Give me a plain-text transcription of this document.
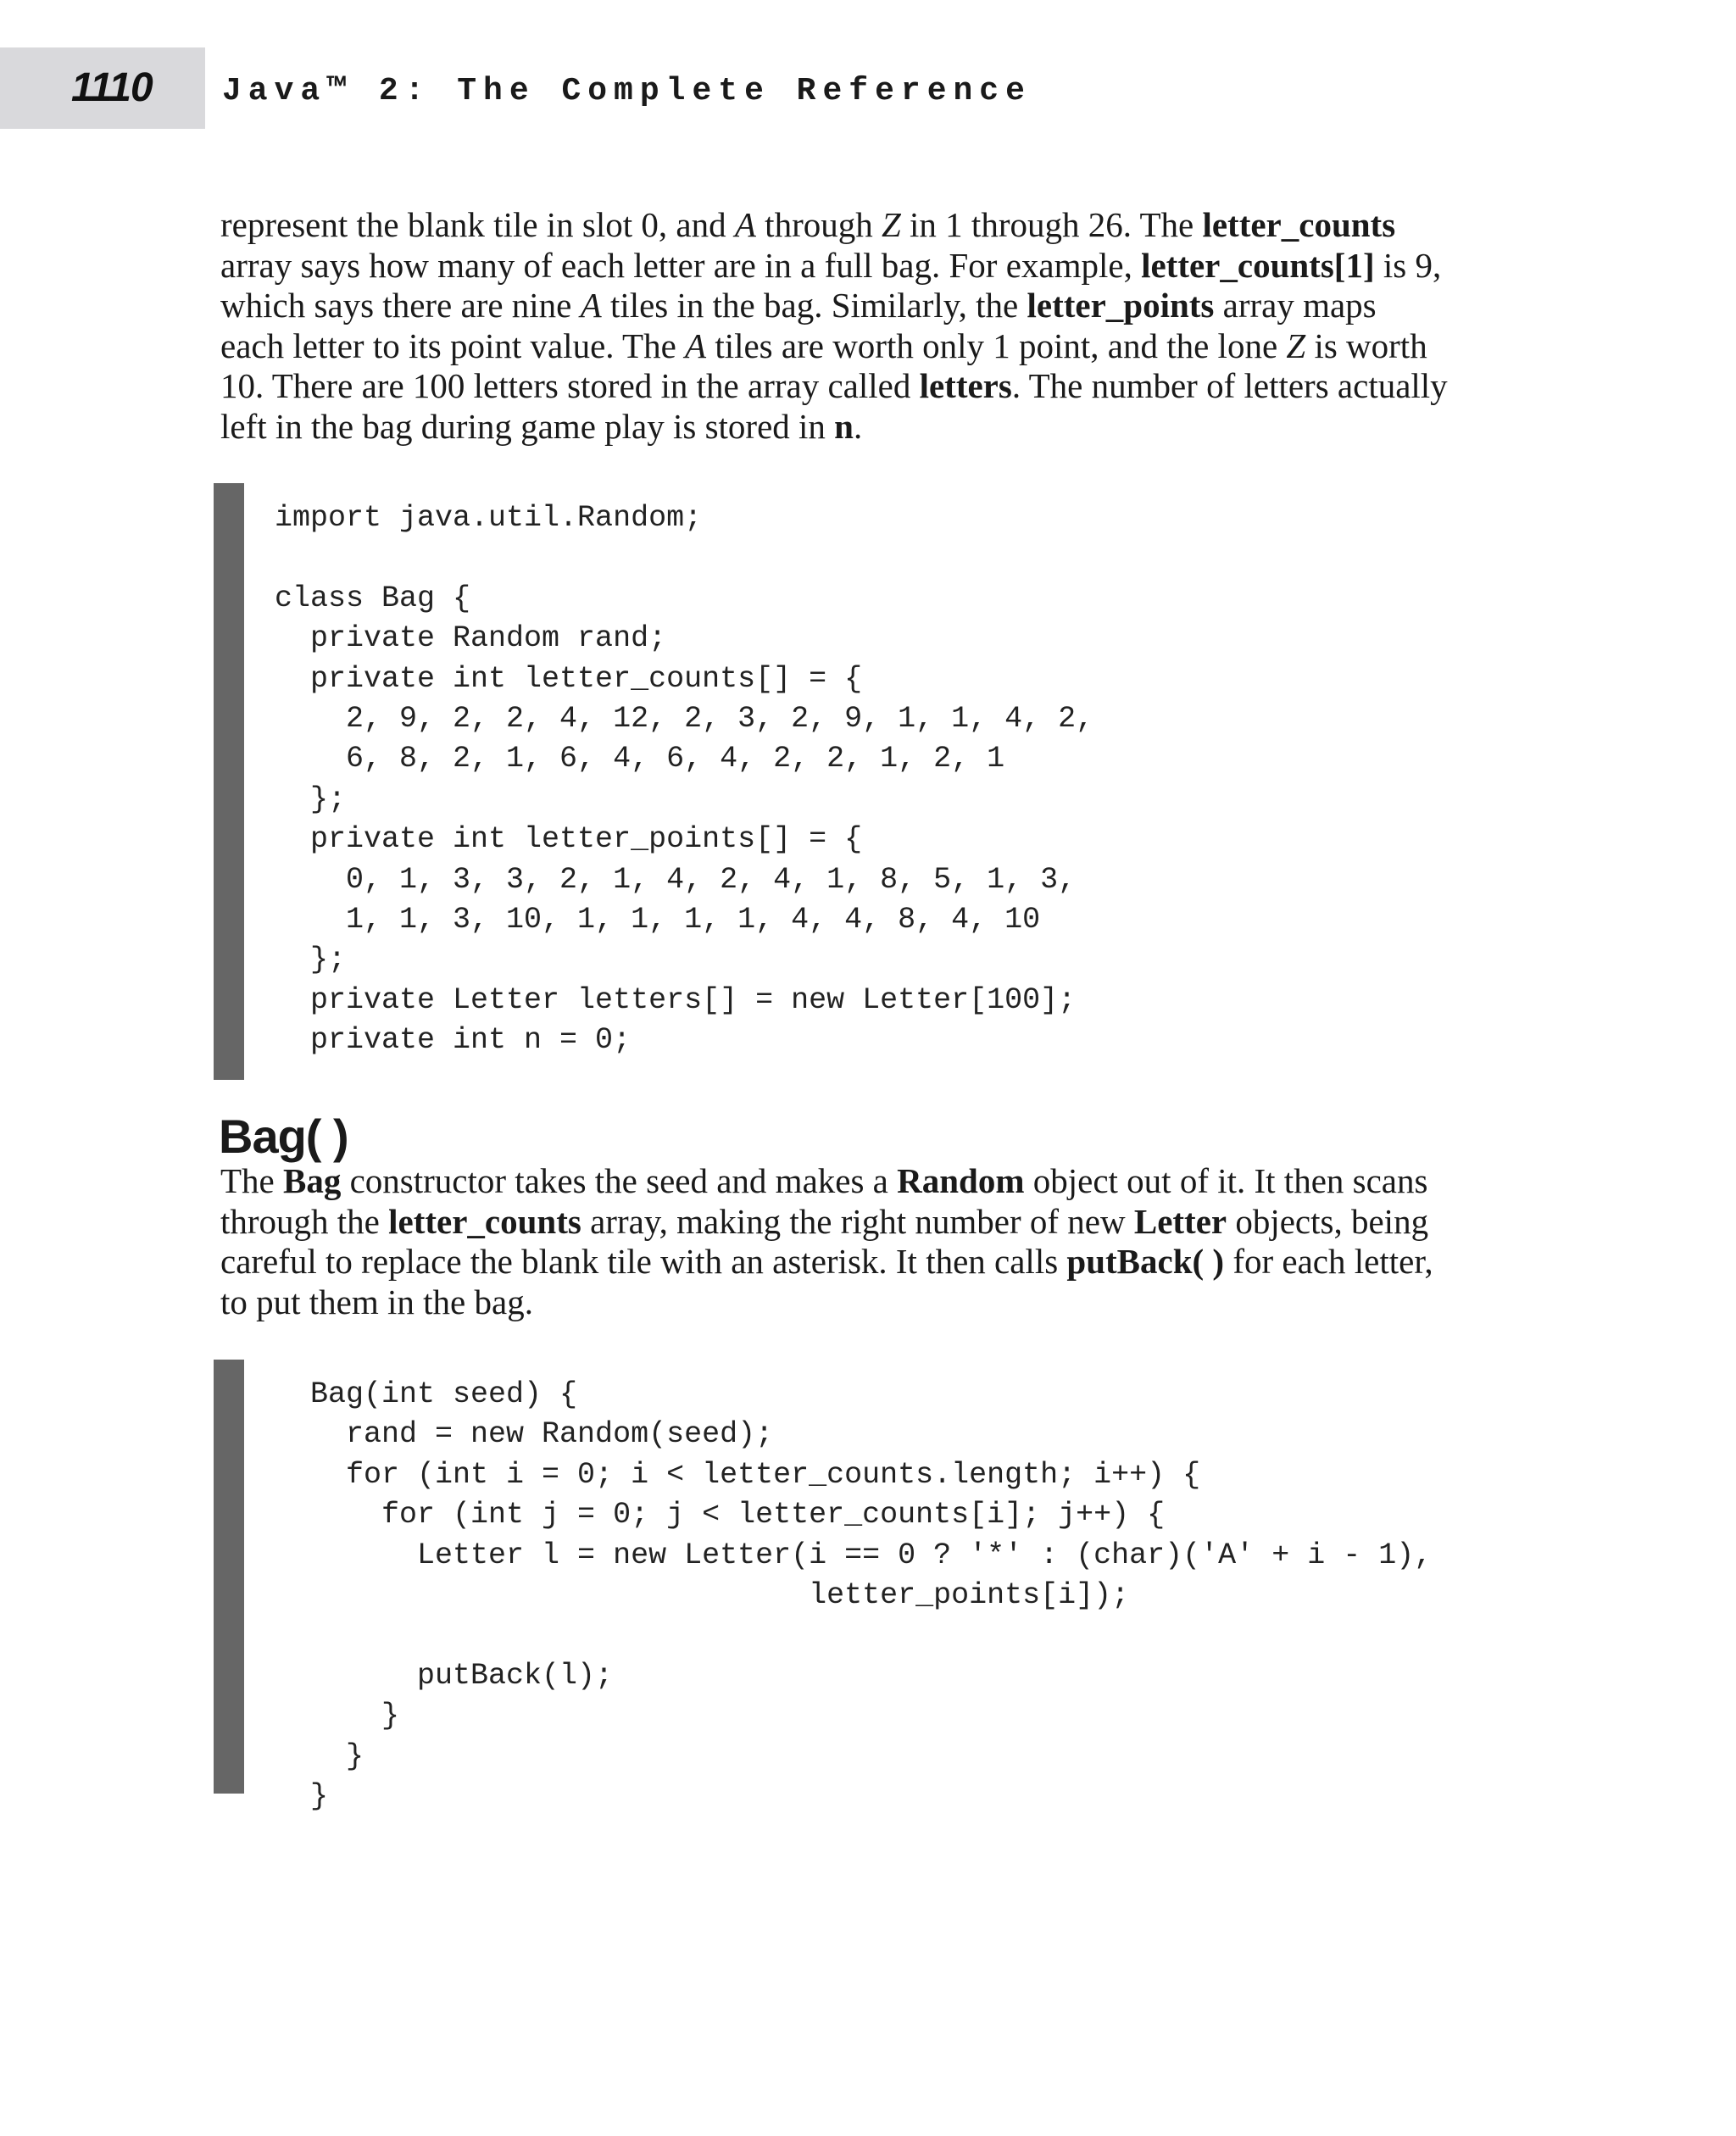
1110 Java™ 2: The Complete Reference
represent the blank tile in slot 0, and A through Z in 1 through 26. The letter_counts
array says how many of each letter are in a full bag. For example, letter_counts[1] is 9,
which says there are nine A tiles in the bag. Similarly, the letter_points array maps
each letter to its point value. The A tiles are worth only 1 point, and the lone Z is worth
10. There are 100 letters stored in the array called letters. The number of letters actually
left in the bag during game play is stored in n.
import java.util.Random;
class Bag {
private Random rand;
private int letter_counts[] = {
2, 9, 2, 2, 4, 12, 2, 3, 2, 9, 1, 1, 4, 2,
6, 8, 2, 1, 6, 4, 6, 4, 2, 2, 1, 2, 1
};
private int letter_points[] = {
0, 1, 3, 3, 2, 1, 4, 2, 4, 1, 8, 5, 1, 3,
1, 1, 3, 10, 1, 1, 1, 1, 4, 4, 8, 4, 10
};
private Letter letters[] = new Letter[100];
private int n = 0;
Bag( )
The Bag constructor takes the seed and makes a Random object out of it. It then scans
through the letter_counts array, making the right number of new Letter objects, being
careful to replace the blank tile with an asterisk. It then calls putBack( ) for each letter,
to put them in the bag.
Bag(int seed) {
rand = new Random(seed);
for (int i = 0; i < letter_counts.length; i++) {
for (int j = 0; j < letter_counts[i]; j++) {
Letter l = new Letter(i == 0 ? '*' : (char)('A' + i - 1),
letter_points[i]);
putBack(l);
}
}
}
